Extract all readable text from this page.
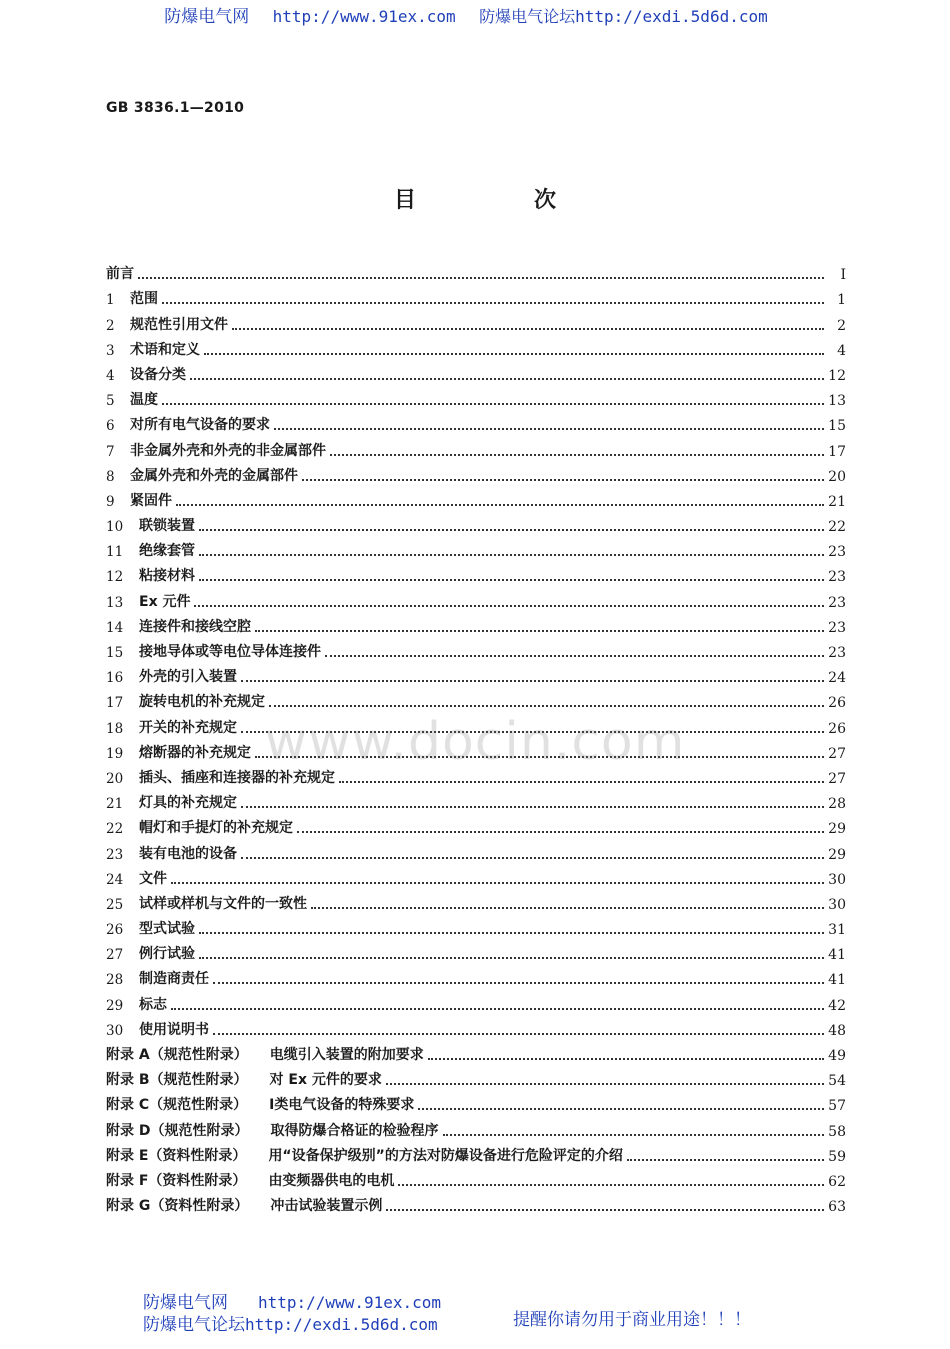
防爆电气网 http://www.91ex.com 防爆电气论坛http://exdi.5d6d.com
GB 3836.1—2010
目　次
前言	Ⅰ
1	范围	1
2	规范性引用文件	2
3	术语和定义	4
4	设备分类	12
5	温度	13
6	对所有电气设备的要求	15
7	非金属外壳和外壳的非金属部件	17
8	金属外壳和外壳的金属部件	20
9	紧固件	21
10	联锁装置	22
11	绝缘套管	23
12	粘接材料	23
13	Ex 元件	23
14	连接件和接线空腔	23
15	接地导体或等电位导体连接件	23
16	外壳的引入装置	24
17	旋转电机的补充规定	26
18	开关的补充规定	26
19	熔断器的补充规定	27
20	插头、插座和连接器的补充规定	27
21	灯具的补充规定	28
22	帽灯和手提灯的补充规定	29
23	装有电池的设备	29
24	文件	30
25	试样或样机与文件的一致性	30
26	型式试验	31
27	例行试验	41
28	制造商责任	41
29	标志	42
30	使用说明书	48
附录 A（规范性附录） 电缆引入装置的附加要求	49
附录 B（规范性附录） 对 Ex 元件的要求	54
附录 C（规范性附录） Ⅰ类电气设备的特殊要求	57
附录 D（规范性附录） 取得防爆合格证的检验程序	58
附录 E（资料性附录） 用“设备保护级别”的方法对防爆设备进行危险评定的介绍	59
附录 F（资料性附录） 由变频器供电的电机	62
附录 G（资料性附录） 冲击试验装置示例	63
www.docin.com
防爆电气网 http://www.91ex.com
防爆电气论坛http://exdi.5d6d.com	提醒你请勿用于商业用途！！！
